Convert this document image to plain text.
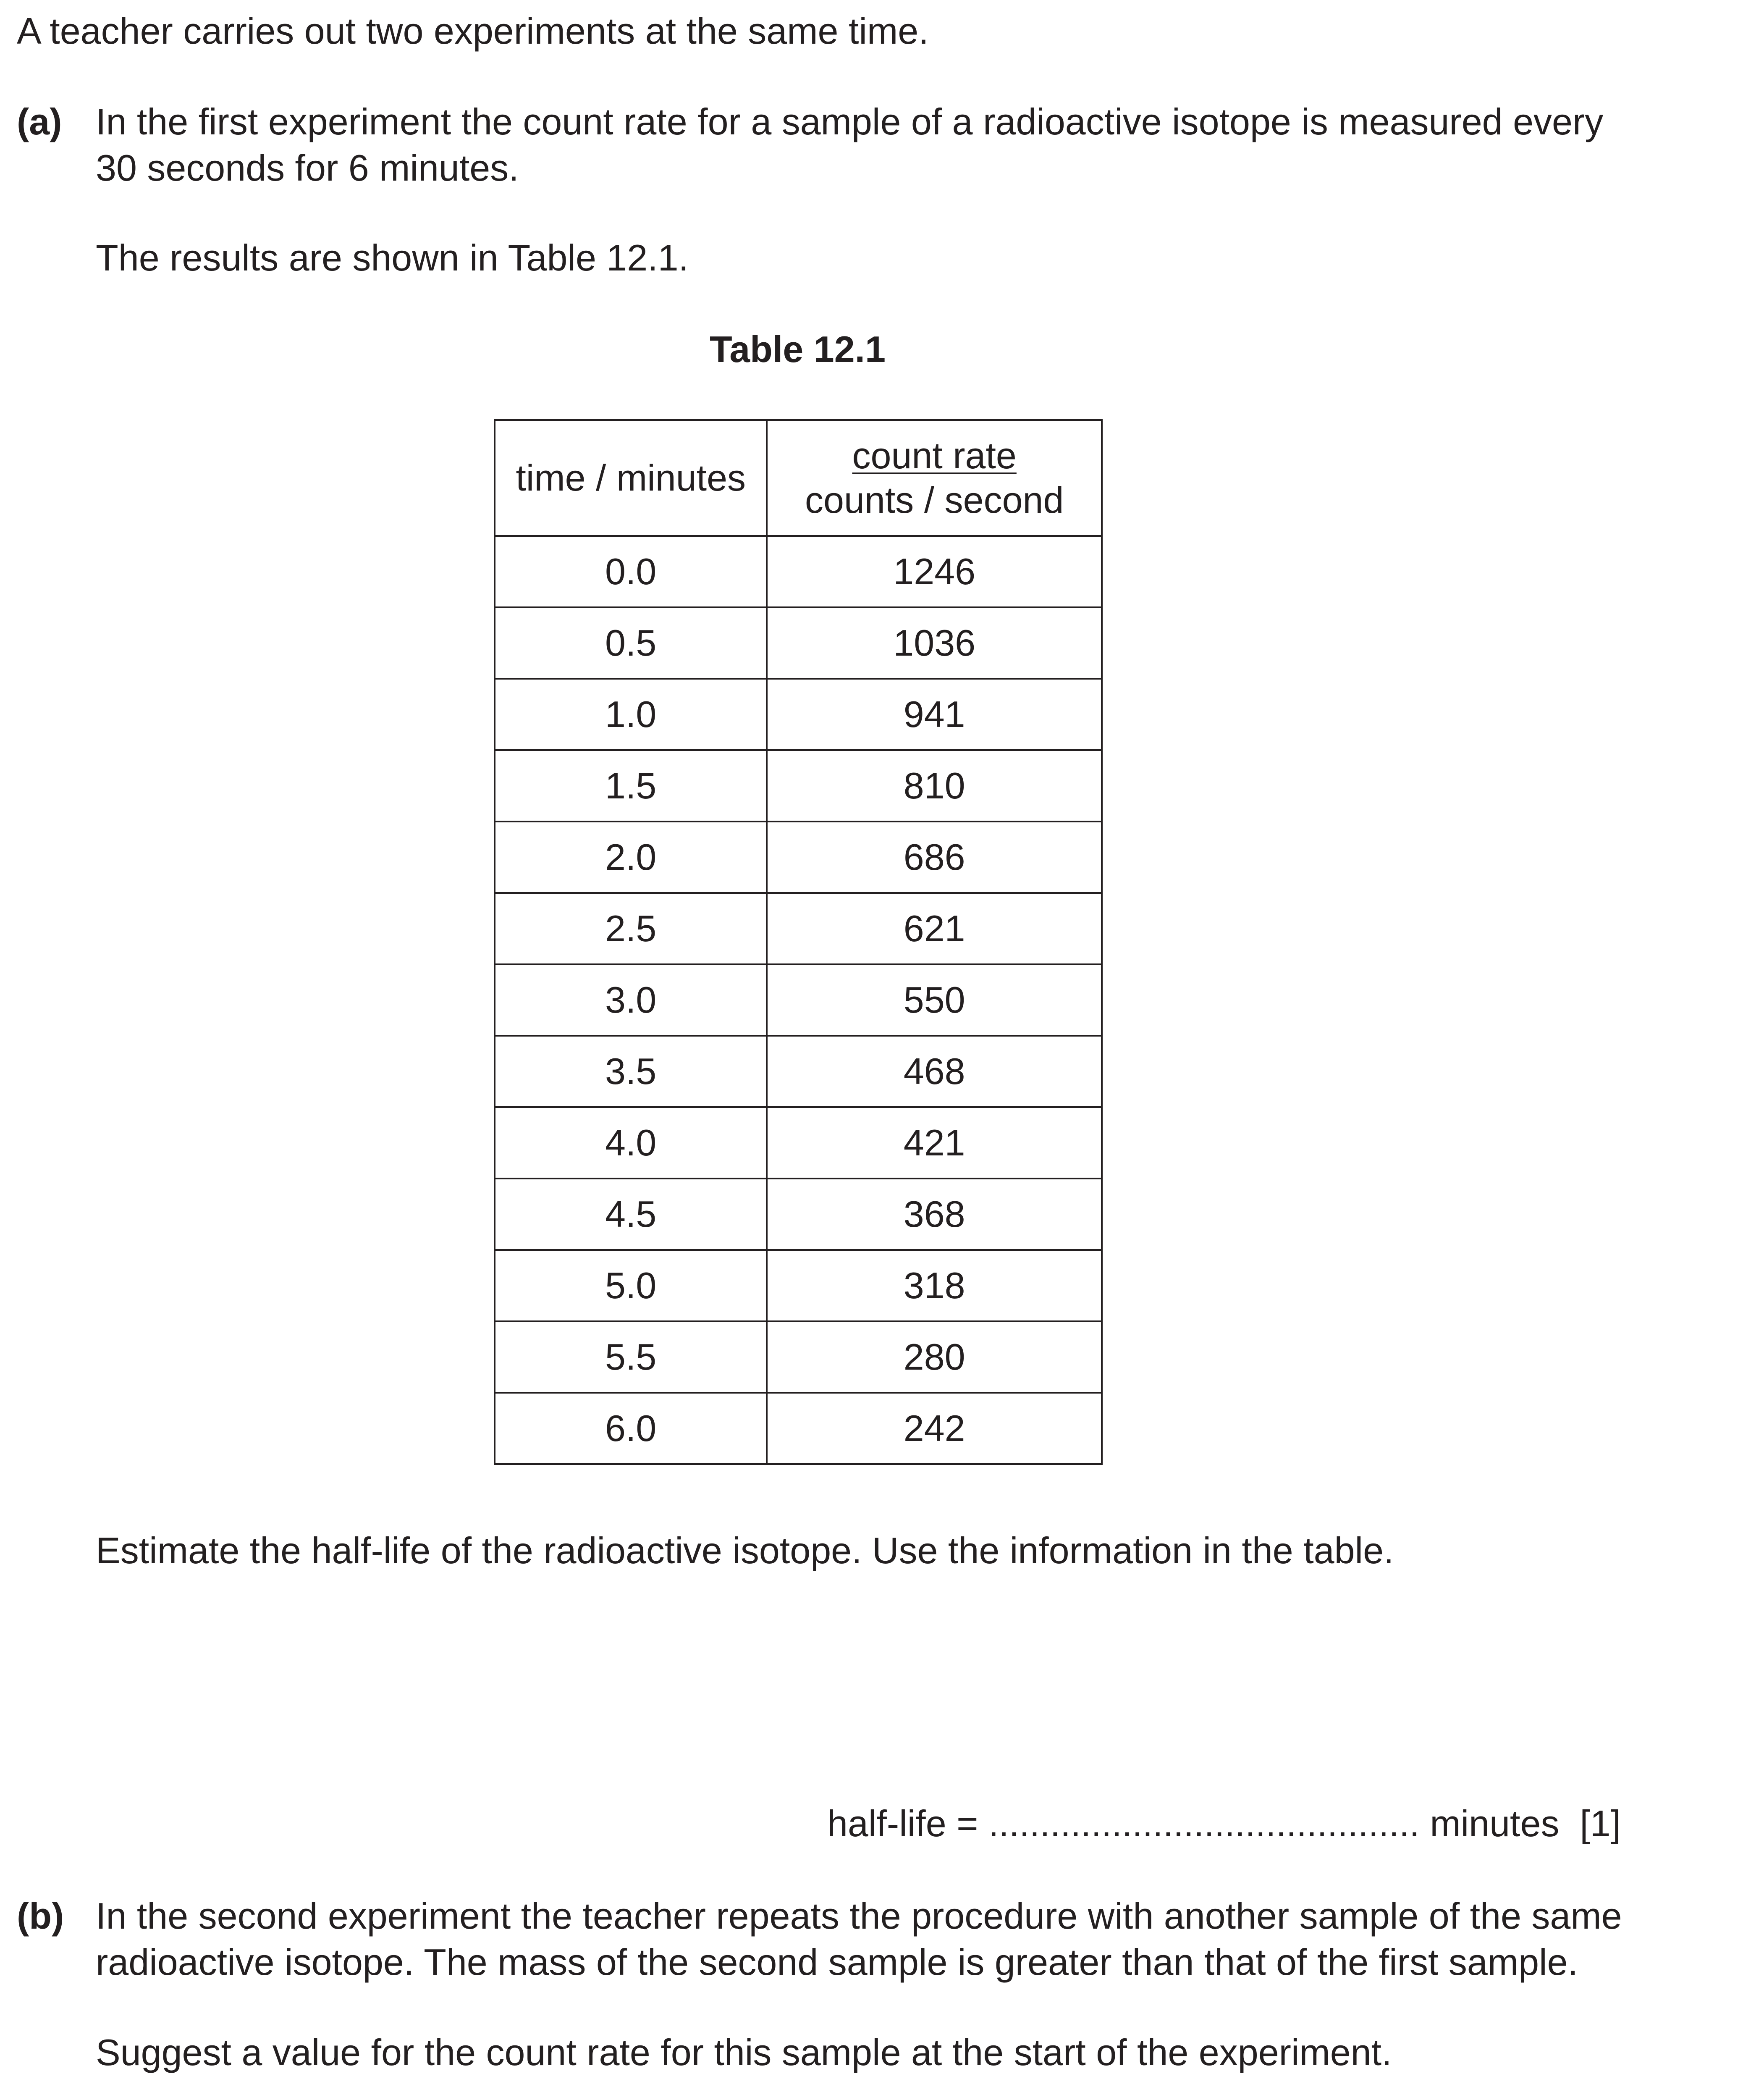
A teacher carries out two experiments at the same time.
(a) In the first experiment the count rate for a sample of a radioactive isotope is measured every
30 seconds for 6 minutes.
The results are shown in Table 12.1.
Table 12.1
time / minutes	count rate
counts / second
0.0	1246
0.5	1036
1.0	941
1.5	810
2.0	686
2.5	621
3.0	550
3.5	468
4.0	421
4.5	368
5.0	318
5.5	280
6.0	242
Estimate the half-life of the radioactive isotope. Use the information in the table.
half-life = .......................................... minutes [1]
(b) In the second experiment the teacher repeats the procedure with another sample of the same
radioactive isotope. The mass of the second sample is greater than that of the first sample.
Suggest a value for the count rate for this sample at the start of the experiment.
